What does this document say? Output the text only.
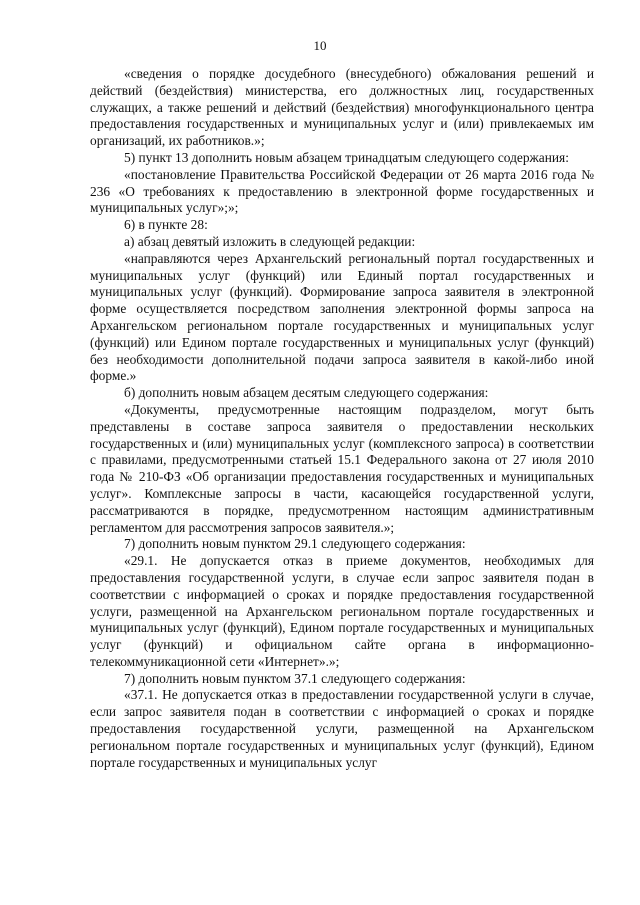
10

«сведения о порядке досудебного (внесудебного) обжалования решений и действий (бездействия) министерства, его должностных лиц, государственных служащих, а также решений и действий (бездействия) многофункционального центра предоставления государственных и муниципальных услуг и (или) привлекаемых им организаций, их работников.»;

5) пункт 13 дополнить новым абзацем тринадцатым следующего содержания:

«постановление Правительства Российской Федерации от 26 марта 2016 года № 236 «О требованиях к предоставлению в электронной форме государственных и муниципальных услуг»;»;

6) в пункте 28:

а) абзац девятый изложить в следующей редакции:

«направляются через Архангельский региональный портал государственных и муниципальных услуг (функций) или Единый портал государственных и муниципальных услуг (функций). Формирование запроса заявителя в электронной форме осуществляется посредством заполнения электронной формы запроса на Архангельском региональном портале государственных и муниципальных услуг (функций) или Едином портале государственных и муниципальных услуг (функций) без необходимости дополнительной подачи запроса заявителя в какой-либо иной форме.»

б) дополнить новым абзацем десятым следующего содержания:

«Документы, предусмотренные настоящим подразделом, могут быть представлены в составе запроса заявителя о предоставлении нескольких государственных и (или) муниципальных услуг (комплексного запроса) в соответствии с правилами, предусмотренными статьей 15.1 Федерального закона от 27 июля 2010 года № 210-ФЗ «Об организации предоставления государственных и муниципальных услуг». Комплексные запросы в части, касающейся государственной услуги, рассматриваются в порядке, предусмотренном настоящим административным регламентом для рассмотрения запросов заявителя.»;

7) дополнить новым пунктом 29.1 следующего содержания:

«29.1. Не допускается отказ в приеме документов, необходимых для предоставления государственной услуги, в случае если запрос заявителя подан в соответствии с информацией о сроках и порядке предоставления государственной услуги, размещенной на Архангельском региональном портале государственных и муниципальных услуг (функций), Едином портале государственных и муниципальных услуг (функций) и официальном сайте органа в информационно-телекоммуникационной сети «Интернет».»;

7) дополнить новым пунктом 37.1 следующего содержания:

«37.1. Не допускается отказ в предоставлении государственной услуги в случае, если запрос заявителя подан в соответствии с информацией о сроках и порядке предоставления государственной услуги, размещенной на Архангельском региональном портале государственных и муниципальных услуг (функций), Едином портале государственных и муниципальных услуг
